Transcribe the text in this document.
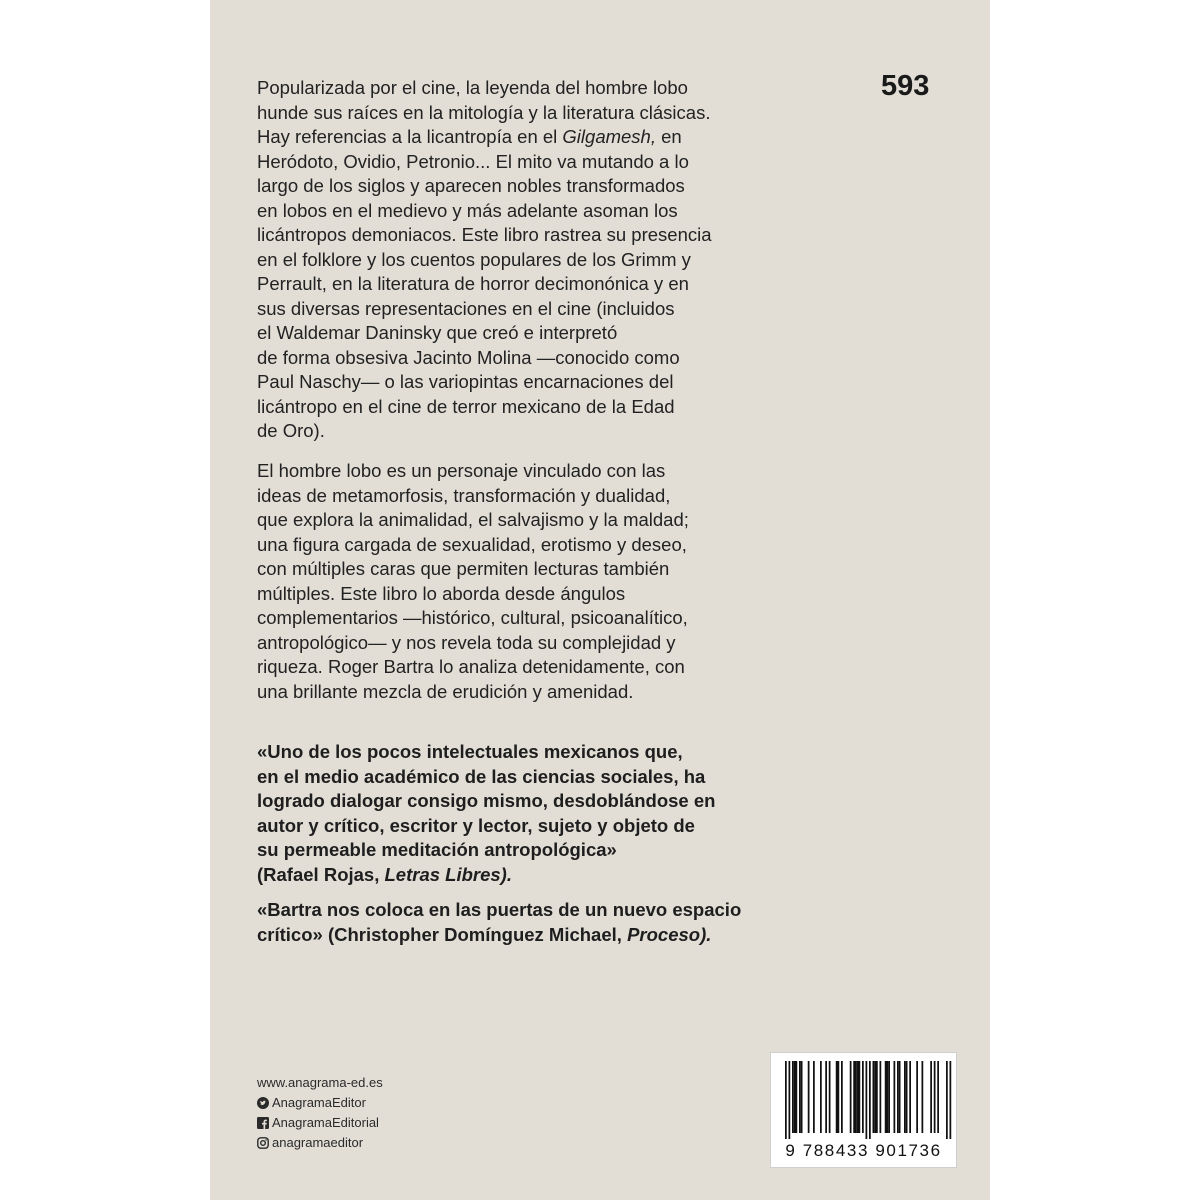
593
Popularizada por el cine, la leyenda del hombre lobo
hunde sus raíces en la mitología y la literatura clásicas.
Hay referencias a la licantropía en el Gilgamesh, en
Heródoto, Ovidio, Petronio... El mito va mutando a lo
largo de los siglos y aparecen nobles transformados
en lobos en el medievo y más adelante asoman los
licántropos demoniacos. Este libro rastrea su presencia
en el folklore y los cuentos populares de los Grimm y
Perrault, en la literatura de horror decimonónica y en
sus diversas representaciones en el cine (incluidos
el Waldemar Daninsky que creó e interpretó
de forma obsesiva Jacinto Molina —conocido como
Paul Naschy— o las variopintas encarnaciones del
licántropo en el cine de terror mexicano de la Edad
de Oro).
El hombre lobo es un personaje vinculado con las
ideas de metamorfosis, transformación y dualidad,
que explora la animalidad, el salvajismo y la maldad;
una figura cargada de sexualidad, erotismo y deseo,
con múltiples caras que permiten lecturas también
múltiples. Este libro lo aborda desde ángulos
complementarios —histórico, cultural, psicoanalítico,
antropológico— y nos revela toda su complejidad y
riqueza. Roger Bartra lo analiza detenidamente, con
una brillante mezcla de erudición y amenidad.
«Uno de los pocos intelectuales mexicanos que,
en el medio académico de las ciencias sociales, ha
logrado dialogar consigo mismo, desdoblándose en
autor y crítico, escritor y lector, sujeto y objeto de
su permeable meditación antropológica»
(Rafael Rojas, Letras Libres).
«Bartra nos coloca en las puertas de un nuevo espacio
crítico» (Christopher Domínguez Michael, Proceso).
www.anagrama-ed.es
AnagramaEditor
AnagramaEditorial
anagramaeditor	9 788433 901736
